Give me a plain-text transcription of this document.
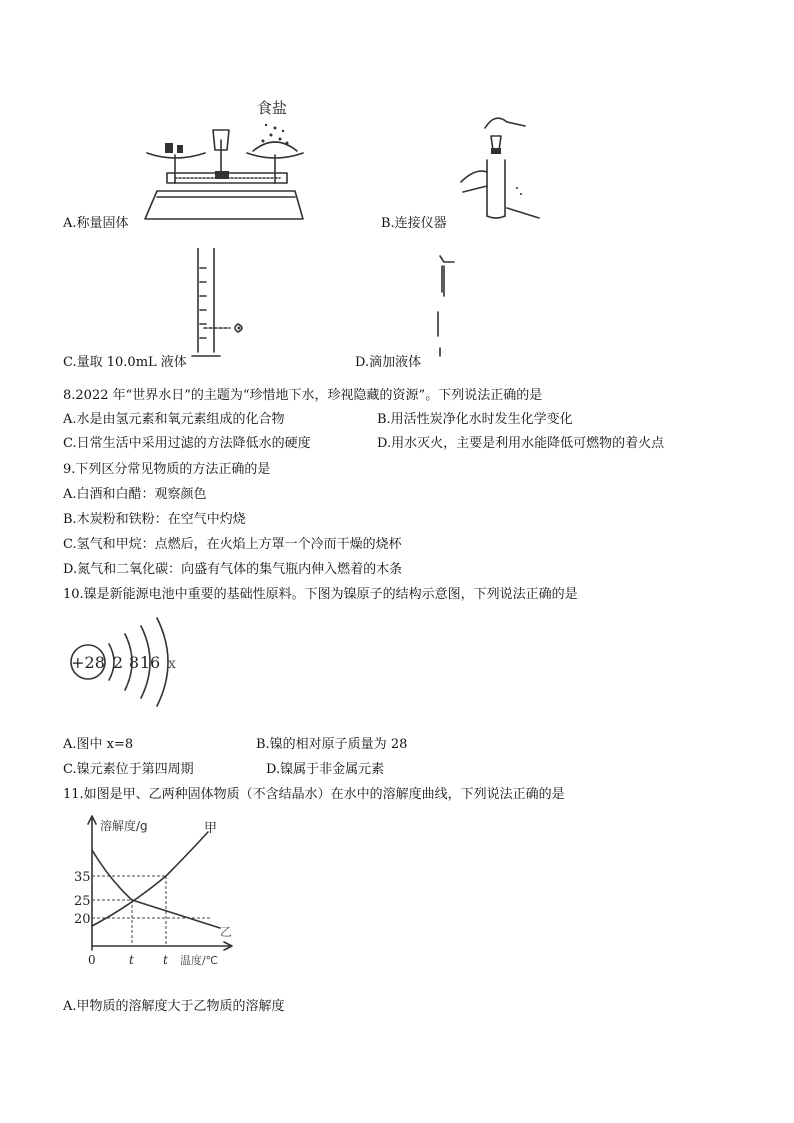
食盐
A.称量固体	B.连接仪器
C.量取 10.0mL 液体	D.滴加液体
8.2022 年“世界水日”的主题为“珍惜地下水，珍视隐藏的资源”。下列说法正确的是
A.水是由氢元素和氧元素组成的化合物	B.用活性炭净化水时发生化学变化
C.日常生活中采用过滤的方法降低水的硬度	D.用水灭火，主要是利用水能降低可燃物的着火点
9.下列区分常见物质的方法正确的是
A.白酒和白醋：观察颜色
B.木炭粉和铁粉：在空气中灼烧
C.氢气和甲烷：点燃后，在火焰上方罩一个冷而干燥的烧杯
D.氮气和二氧化碳：向盛有气体的集气瓶内伸入燃着的木条
10.镍是新能源电池中重要的基础性原料。下图为镍原子的结构示意图，下列说法正确的是
+28 2 8 16 x
A.图中 x=8	B.镍的相对原子质量为 28
C.镍元素位于第四周期	D.镍属于非金属元素
11.如图是甲、乙两种固体物质（不含结晶水）在水中的溶解度曲线，下列说法正确的是
溶解度/g
35
25
20
甲
乙
0	t t 温度/℃
A.甲物质的溶解度大于乙物质的溶解度
